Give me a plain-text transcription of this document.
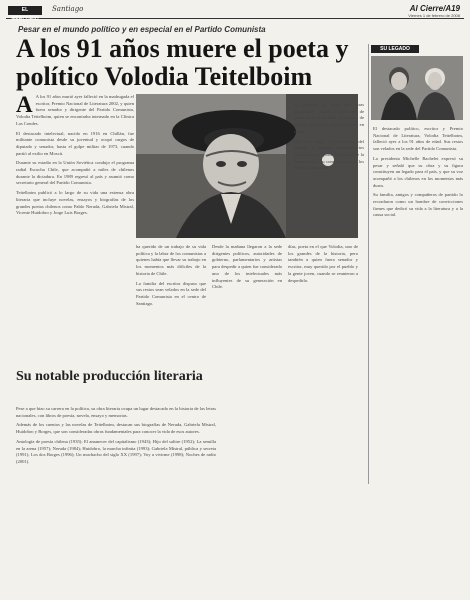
EL MERCURIO
Santiago	Al Cierre/A19
Viernes 1 de febrero de 2008
Pesar en el mundo político y en especial en el Partido Comunista
A los 91 años muere el poeta y político Volodia Teitelboim
A A los 91 años murió ayer falleció en la madrugada el escritor, Premio Nacional de Literatura 2002, y quien fuera senador y dirigente del Partido Comunista, Volodia Teitelboim, quien se encontraba internado en la Clínica Las Condes.

El destacado intelectual, nacido en 1916 en Chillán, fue militante comunista desde su juventud y ocupó cargos de diputado y senador, hasta el golpe militar de 1973, cuando partió al exilio en Moscú.

Durante su estadía en la Unión Soviética condujo el programa radial Escucha Chile, que acompañó a miles de chilenos durante la dictadura. En 1989 regresó al país y asumió como secretario general del Partido Comunista.

Teitelboim publicó a lo largo de su vida una extensa obra literaria que incluye novelas, ensayos y biografías de los grandes poetas chilenos como Pablo Neruda, Gabriela Mistral, Vicente Huidobro y Jorge Luis Borges.

ha querido de un trabajo de su vida política y la labor de los comunistas a quienes había que llevar su trabajo en los momentos más difíciles de la historia de Chile.

La familia del escritor dispuso que sus restos sean velados en la sede del Partido Comunista en el centro de Santiago.

Desde la mañana llegaron a la sede dirigentes políticos, autoridades de gobierno, parlamentarios y artistas para despedir a quien fue considerado uno de los intelectuales más influyentes de su generación en Chile.

días, poeta en el que Volodia, uno de los grandes de la historia, pero también a quien fuera senador y escritor, muy querido por el pueblo y la gente joven, cuando se reunieron a despedirlo.

El ministro, al igual que otras autoridades, valoró la trayectoria de quien fuera un hombre de letras y de partido, que nunca dejó de pensar en el país.

Por otro lado, el presidente del Senado y diversos parlamentarios destacaron su aporte al retorno de la democracia y su compromiso con los derechos humanos.

Su notable producción literaria

Pese a que hizo su carrera en la política, su obra literaria ocupa un lugar destacado en la historia de las letras nacionales, con libros de poesía, novela, ensayo y memorias.

Además de los cuentos y las novelas de Teitelboim, destacan sus biografías de Neruda, Gabriela Mistral, Huidobro y Borges, que son consideradas obras fundamentales para conocer la vida de esos autores.

Antología de poesía chilena (1935); El amanecer del capitalismo (1943); Hijo del salitre (1952); La semilla en la arena (1957); Neruda (1984); Huidobro, la marcha infinita (1993); Gabriela Mistral, pública y secreta (1991); Los dos Borges (1996); Un muchacho del siglo XX (1997); Voy a vivirme (1998); Noches de radio (2001).

SU LEGADO

El destacado político, escritor y Premio Nacional de Literatura, Volodia Teitelboim, falleció ayer a los 91 años de edad. Sus restos son velados en la sede del Partido Comunista.

La presidenta Michelle Bachelet expresó su pesar y señaló que su obra y su figura constituyen un legado para el país, y que su voz acompañó a los chilenos en los momentos más duros.

Su familia, amigos y compañeros de partido lo recordaron como un hombre de convicciones firmes que dedicó su vida a la literatura y a la causa social.
